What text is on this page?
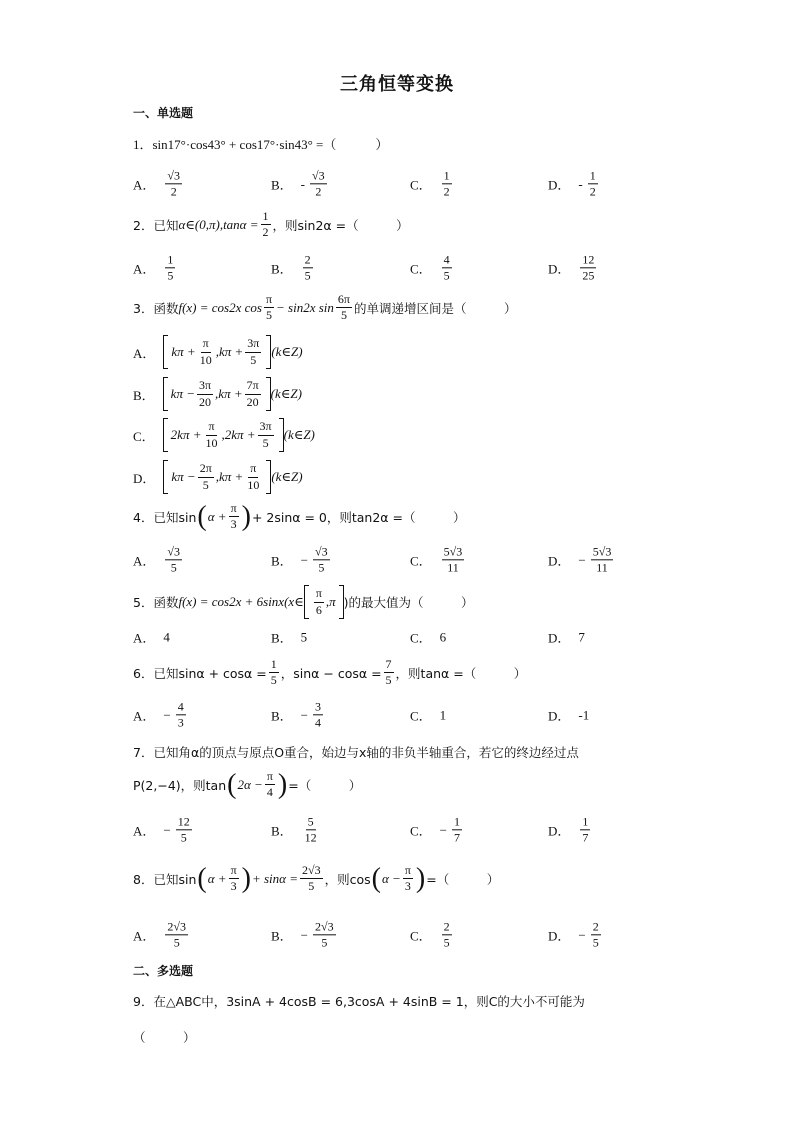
三角恒等变换
一、单选题
1．sin17°·cos43° + cos17°·sin43° =（　　　）
A． $\frac{√3}{2}$	B． - $\frac{√3}{2}$	C． $\frac{1}{2}$	D． - $\frac{1}{2}$
2．已知 α∈(0,π),tanα = $\frac{1}{2}$ ，则sin2α =（　　　）
A． $\frac{1}{5}$	B． $\frac{2}{5}$	C． $\frac{4}{5}$	D． $\frac{12}{25}$
3．函数 f(x) = cos2x $\cos \frac{\pi}{5} - \sin 2x$ $\sin \frac{6\pi}{5}$ 的单调递增区间是（　　　）
A． $k\pi + \frac{\pi}{10} ,k\pi + \frac{3\pi}{5}$ (k∈Z)
B． $k\pi - \frac{3\pi}{20} ,k\pi + \frac{7\pi}{20}$ (k∈Z)
C． $2k\pi + \frac{\pi}{10} ,2k\pi + \frac{3\pi}{5}$ (k∈Z)
D． $k\pi - \frac{2\pi}{5} ,k\pi + \frac{\pi}{10}$ (k∈Z)
4．已知sin ( $\alpha + \frac{\pi}{3}$ ) + 2sinα = 0，则tan2α =（　　　）
A． $\frac{√3}{5}$	B． − $\frac{√3}{5}$	C． $\frac{5√3}{11}$	D． − $\frac{5√3}{11}$
5．函数 f(x) = cos2x + 6sinx(x∈ $\frac{\pi}{6} ,\pi$ )的最大值为（　　　）
A． 4	B． 5	C． 6	D． 7
6．已知$\sin\alpha + \cos\alpha = \frac{1}{5}$ ，$\sin\alpha - \cos\alpha = \frac{7}{5}$ ，则tanα =（　　　）
A． − $\frac{4}{3}$	B． − $\frac{3}{4}$	C． 1	D． -1
7．已知角α的顶点与原点O重合，始边与x轴的非负半轴重合，若它的终边经过点
P(2,−4)，则tan ( $2\alpha - \frac{\pi}{4}$ ) =（　　　）
A． − $\frac{12}{5}$	B． $\frac{5}{12}$	C． − $\frac{1}{7}$	D． $\frac{1}{7}$
8．已知sin ( $\alpha + \frac{\pi}{3}$ ) + $\sin\alpha = \frac{2√3}{5}$ ，则cos ( $\alpha - \frac{\pi}{3}$ ) =（　　　）
A． $\frac{2√3}{5}$	B． − $\frac{2√3}{5}$	C． $\frac{2}{5}$	D． − $\frac{2}{5}$
二、多选题
9．在△ABC中，3sinA + 4cosB = 6,3cosA + 4sinB = 1，则C的大小不可能为
（　　　）
